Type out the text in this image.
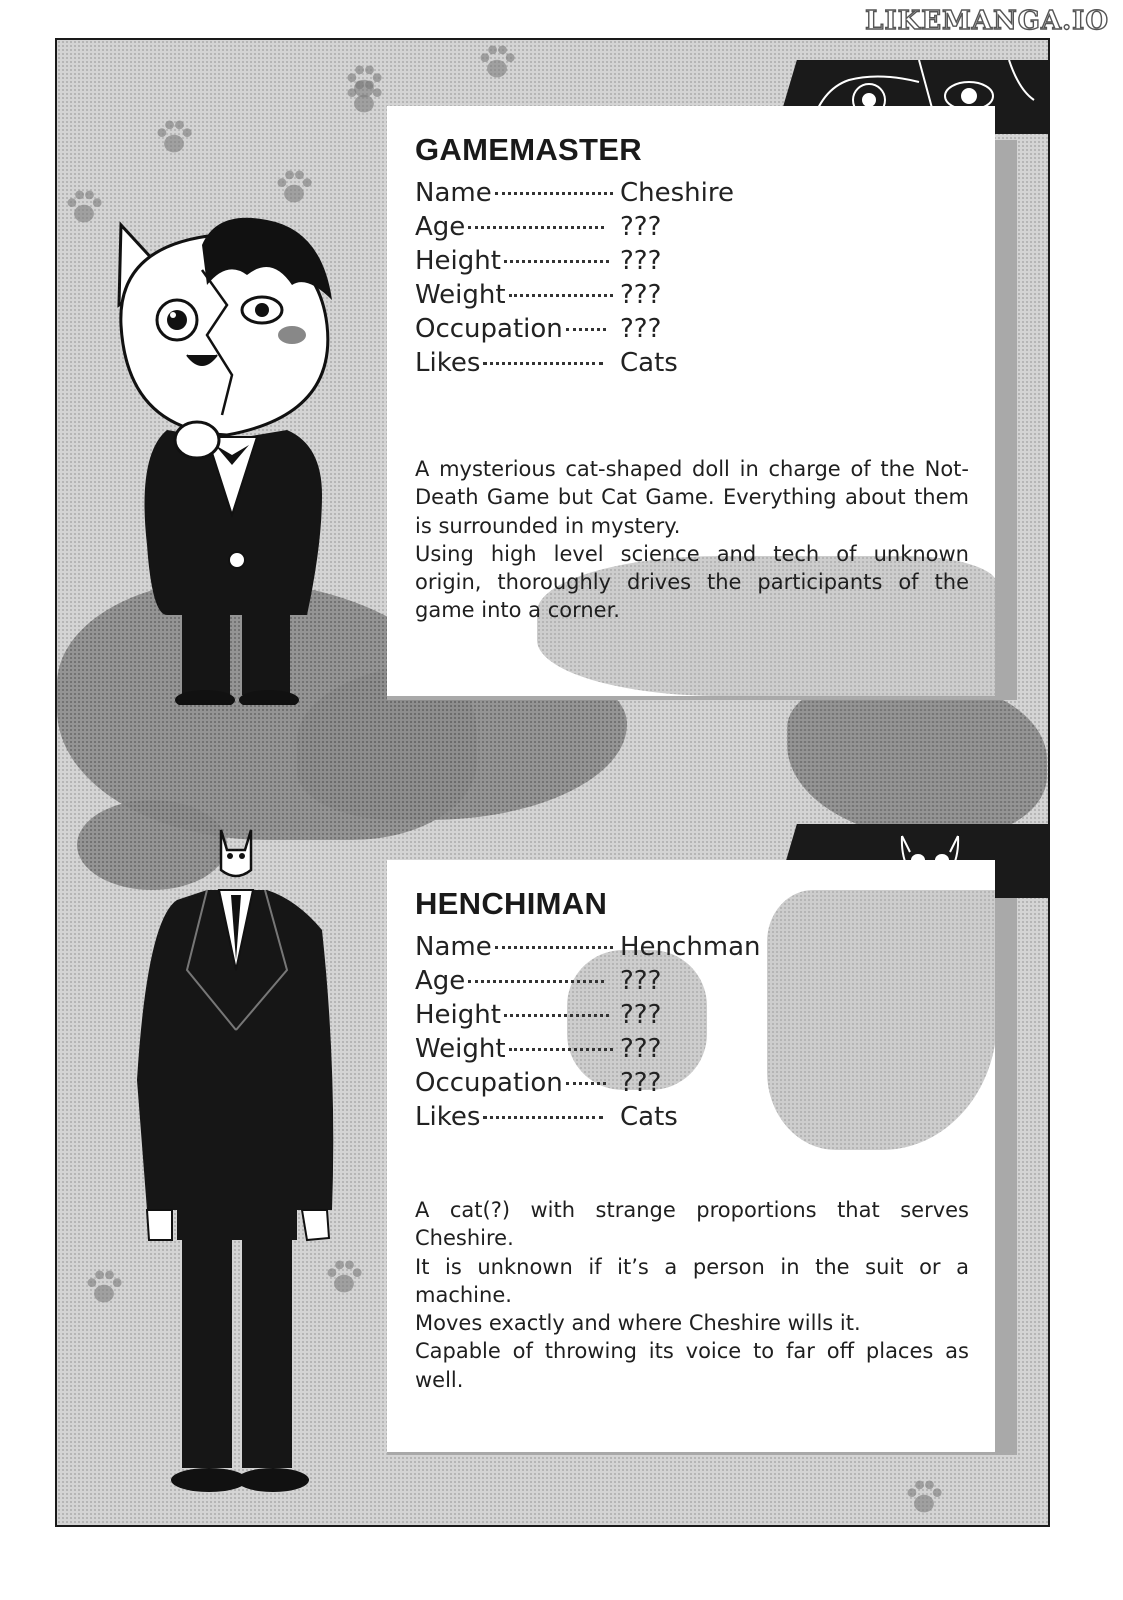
LIKEMANGA.IO
GAMEMASTER
Name	Cheshire
Age	???
Height	???
Weight	???
Occupation ???
Likes	Cats

A mysterious cat-shaped doll in charge of the Not-Death Game but Cat Game. Everything about them is surrounded in mystery.

Using high level science and tech of unknown origin, thoroughly drives the participants of the game into a corner.

HENCHIMAN
Name	Henchman
Age	???
Height	???
Weight	???
Occupation ???
Likes	Cats

A cat(?) with strange proportions that serves Cheshire.

It is unknown if it’s a person in the suit or a machine.

Moves exactly and where Cheshire wills it.

Capable of throwing its voice to far off places as well.
